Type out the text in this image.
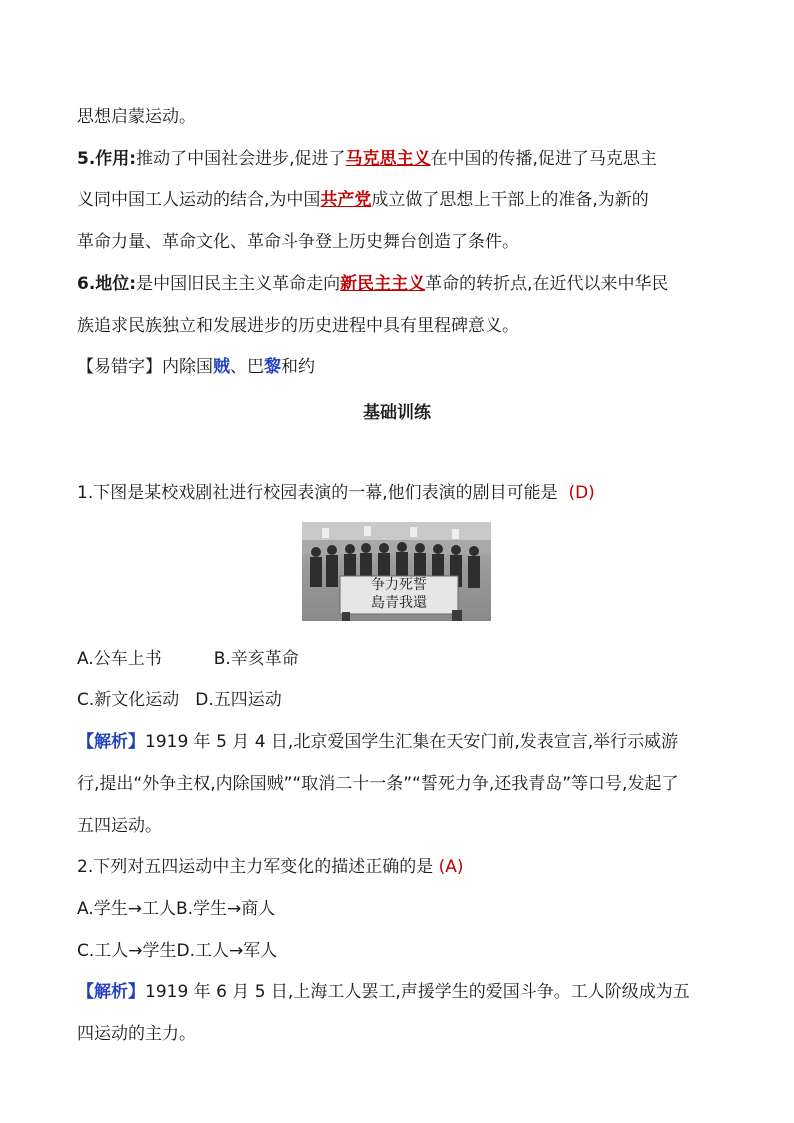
思想启蒙运动。
5.作用:推动了中国社会进步,促进了马克思主义在中国的传播,促进了马克思主
义同中国工人运动的结合,为中国共产党成立做了思想上干部上的准备,为新的
革命力量、革命文化、革命斗争登上历史舞台创造了条件。
6.地位:是中国旧民主主义革命走向新民主主义革命的转折点,在近代以来中华民
族追求民族独立和发展进步的历史进程中具有里程碑意义。
【易错字】内除国贼、巴黎和约
基础训练
1.下图是某校戏剧社进行校园表演的一幕,他们表演的剧目可能是 (D)
争力死誓
島青我還
A.公车上书	B.辛亥革命
C.新文化运动 D.五四运动
【解析】1919 年 5 月 4 日,北京爱国学生汇集在天安门前,发表宣言,举行示威游
行,提出“外争主权,内除国贼”“取消二十一条”“誓死力争,还我青岛”等口号,发起了
五四运动。
2.下列对五四运动中主力军变化的描述正确的是 (A)
A.学生→工人B.学生→商人
C.工人→学生D.工人→军人
【解析】1919 年 6 月 5 日,上海工人罢工,声援学生的爱国斗争。工人阶级成为五
四运动的主力。
